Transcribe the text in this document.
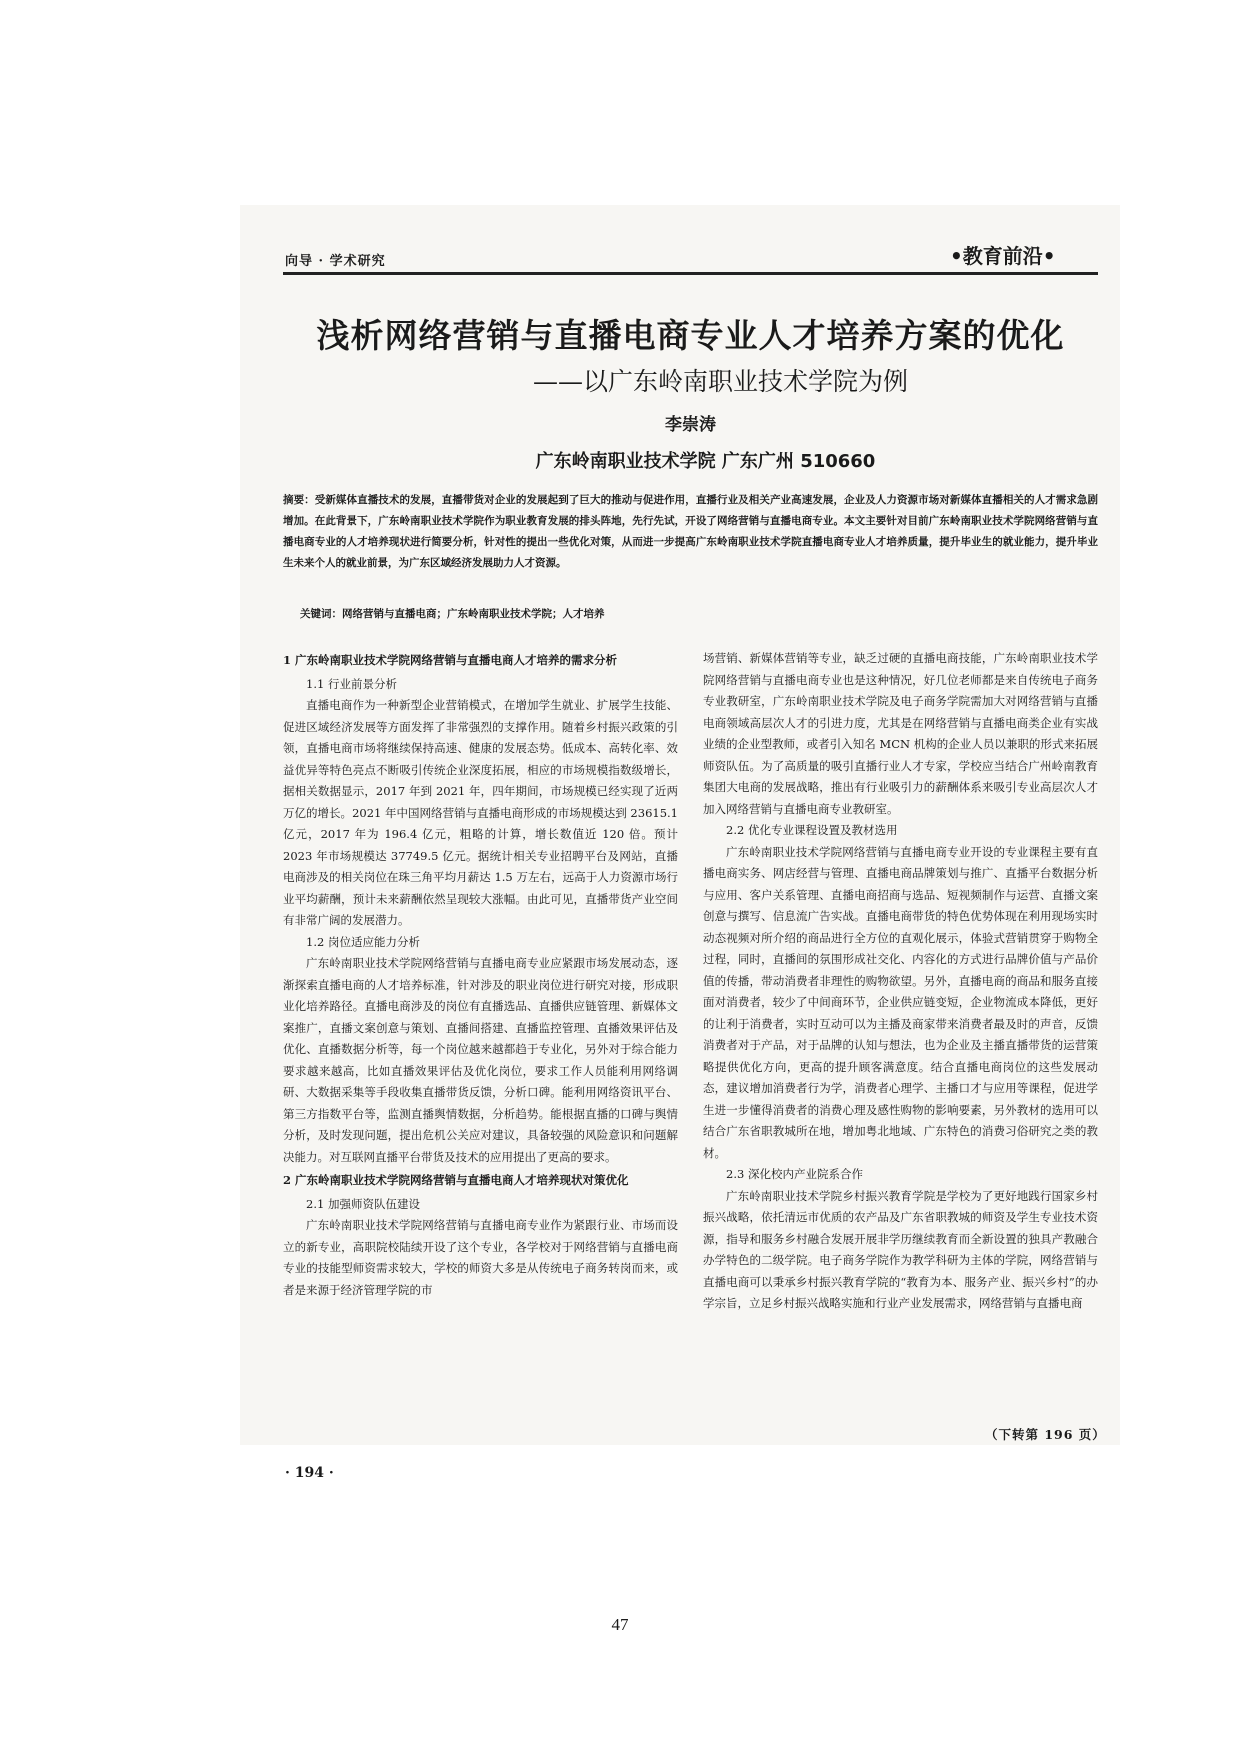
向导 · 学术研究	•教育前沿•
浅析网络营销与直播电商专业人才培养方案的优化
——以广东岭南职业技术学院为例
李崇涛
广东岭南职业技术学院 广东广州 510660
摘要：受新媒体直播技术的发展，直播带货对企业的发展起到了巨大的推动与促进作用，直播行业及相关产业高速发展，企业及人力资源市场对新媒体直播相关的人才需求急剧增加。在此背景下，广东岭南职业技术学院作为职业教育发展的排头阵地，先行先试，开设了网络营销与直播电商专业。本文主要针对目前广东岭南职业技术学院网络营销与直播电商专业的人才培养现状进行简要分析，针对性的提出一些优化对策，从而进一步提高广东岭南职业技术学院直播电商专业人才培养质量，提升毕业生的就业能力，提升毕业生未来个人的就业前景，为广东区域经济发展助力人才资源。
关键词：网络营销与直播电商；广东岭南职业技术学院；人才培养
1 广东岭南职业技术学院网络营销与直播电商人才培养的需求分析
1.1 行业前景分析

直播电商作为一种新型企业营销模式，在增加学生就业、扩展学生技能、促进区域经济发展等方面发挥了非常强烈的支撑作用。随着乡村振兴政策的引领，直播电商市场将继续保持高速、健康的发展态势。低成本、高转化率、效益优异等特色亮点不断吸引传统企业深度拓展，相应的市场规模指数级增长，据相关数据显示，2017 年到 2021 年，四年期间，市场规模已经实现了近两万亿的增长。2021 年中国网络营销与直播电商形成的市场规模达到 23615.1 亿元，2017 年为 196.4 亿元，粗略的计算，增长数值近 120 倍。预计 2023 年市场规模达 37749.5 亿元。据统计相关专业招聘平台及网站，直播电商涉及的相关岗位在珠三角平均月薪达 1.5 万左右，远高于人力资源市场行业平均薪酬，预计未来薪酬依然呈现较大涨幅。由此可见，直播带货产业空间有非常广阔的发展潜力。

1.2 岗位适应能力分析

广东岭南职业技术学院网络营销与直播电商专业应紧跟市场发展动态，逐渐探索直播电商的人才培养标准，针对涉及的职业岗位进行研究对接，形成职业化培养路径。直播电商涉及的岗位有直播选品、直播供应链管理、新媒体文案推广，直播文案创意与策划、直播间搭建、直播监控管理、直播效果评估及优化、直播数据分析等，每一个岗位越来越都趋于专业化，另外对于综合能力要求越来越高，比如直播效果评估及优化岗位，要求工作人员能利用网络调研、大数据采集等手段收集直播带货反馈，分析口碑。能利用网络资讯平台、第三方指数平台等，监测直播舆情数据，分析趋势。能根据直播的口碑与舆情分析，及时发现问题，提出危机公关应对建议，具备较强的风险意识和问题解决能力。对互联网直播平台带货及技术的应用提出了更高的要求。

2 广东岭南职业技术学院网络营销与直播电商人才培养现状对策优化
2.1 加强师资队伍建设

广东岭南职业技术学院网络营销与直播电商专业作为紧跟行业、市场而设立的新专业，高职院校陆续开设了这个专业，各学校对于网络营销与直播电商专业的技能型师资需求较大，学校的师资大多是从传统电子商务转岗而来，或者是来源于经济管理学院的市

场营销、新媒体营销等专业，缺乏过硬的直播电商技能，广东岭南职业技术学院网络营销与直播电商专业也是这种情况，好几位老师都是来自传统电子商务专业教研室，广东岭南职业技术学院及电子商务学院需加大对网络营销与直播电商领域高层次人才的引进力度，尤其是在网络营销与直播电商类企业有实战业绩的企业型教师，或者引入知名 MCN 机构的企业人员以兼职的形式来拓展师资队伍。为了高质量的吸引直播行业人才专家，学校应当结合广州岭南教育集团大电商的发展战略，推出有行业吸引力的薪酬体系来吸引专业高层次人才加入网络营销与直播电商专业教研室。

2.2 优化专业课程设置及教材选用

广东岭南职业技术学院网络营销与直播电商专业开设的专业课程主要有直播电商实务、网店经营与管理、直播电商品牌策划与推广、直播平台数据分析与应用、客户关系管理、直播电商招商与选品、短视频制作与运营、直播文案创意与撰写、信息流广告实战。直播电商带货的特色优势体现在利用现场实时动态视频对所介绍的商品进行全方位的直观化展示，体验式营销贯穿于购物全过程，同时，直播间的氛围形成社交化、内容化的方式进行品牌价值与产品价值的传播，带动消费者非理性的购物欲望。另外，直播电商的商品和服务直接面对消费者，较少了中间商环节，企业供应链变短，企业物流成本降低，更好的让利于消费者，实时互动可以为主播及商家带来消费者最及时的声音，反馈消费者对于产品，对于品牌的认知与想法，也为企业及主播直播带货的运营策略提供优化方向，更高的提升顾客满意度。结合直播电商岗位的这些发展动态，建议增加消费者行为学，消费者心理学、主播口才与应用等课程，促进学生进一步懂得消费者的消费心理及感性购物的影响要素，另外教材的选用可以结合广东省职教城所在地，增加粤北地域、广东特色的消费习俗研究之类的教材。

2.3 深化校内产业院系合作

广东岭南职业技术学院乡村振兴教育学院是学校为了更好地践行国家乡村振兴战略，依托清远市优质的农产品及广东省职教城的师资及学生专业技术资源，指导和服务乡村融合发展开展非学历继续教育而全新设置的独具产教融合办学特色的二级学院。电子商务学院作为教学科研为主体的学院，网络营销与直播电商可以秉承乡村振兴教育学院的“教育为本、服务产业、振兴乡村”的办学宗旨，立足乡村振兴战略实施和行业产业发展需求，网络营销与直播电商

（下转第 196 页）
· 194 ·
47
